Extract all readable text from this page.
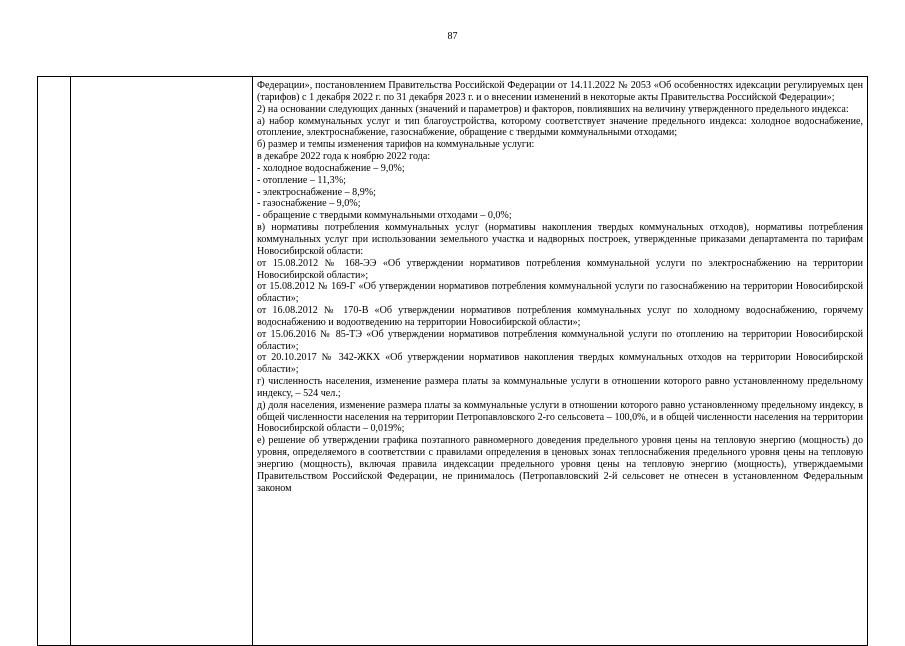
87

Федерации», постановлением Правительства Российской Федерации от 14.11.2022 № 2053 «Об особенностях идексации регулируемых цен (тарифов) с 1 декабря 2022 г. по 31 декабря 2023 г. и о внесении изменений в некоторые акты Правительства Российской Федерации»;

2) на основании следующих данных (значений и параметров) и факторов, повлиявших на величину утвержденного предельного индекса:

а) набор коммунальных услуг и тип благоустройства, которому соответствует значение предельного индекса: холодное водоснабжение, отопление, электроснабжение, газоснабжение, обращение с твердыми коммунальными отходами;

б) размер и темпы изменения тарифов на коммунальные услуги:

в декабре 2022 года к ноябрю 2022 года:

- холодное водоснабжение – 9,0%;

- отопление – 11,3%;

- электроснабжение – 8,9%;

- газоснабжение – 9,0%;

- обращение с твердыми коммунальными отходами – 0,0%;

в) нормативы потребления коммунальных услуг (нормативы накопления твердых коммунальных отходов), нормативы потребления коммунальных услуг при использовании земельного участка и надворных построек, утвержденные приказами департамента по тарифам Новосибирской области:

от 15.08.2012 № 168-ЭЭ «Об утверждении нормативов потребления коммунальной услуги по электроснабжению на территории Новосибирской области»;

от 15.08.2012 № 169-Г «Об утверждении нормативов потребления коммунальной услуги по газоснабжению на территории Новосибирской области»;

от 16.08.2012 № 170-В «Об утверждении нормативов потребления коммунальных услуг по холодному водоснабжению, горячему водоснабжению и водоотведению на территории Новосибирской области»;

от 15.06.2016 № 85-ТЭ «Об утверждении нормативов потребления коммунальной услуги по отоплению на территории Новосибирской области»;

от 20.10.2017 № 342-ЖКХ «Об утверждении нормативов накопления твердых коммунальных отходов на территории Новосибирской области»;

г) численность населения, изменение размера платы за коммунальные услуги в отношении которого равно установленному предельному индексу, – 524 чел.;

д) доля населения, изменение размера платы за коммунальные услуги в отношении которого равно установленному предельному индексу, в общей численности населения на территории Петропавловского 2-го сельсовета – 100,0%, и в общей численности населения на территории Новосибирской области – 0,019%;

е) решение об утверждении графика поэтапного равномерного доведения предельного уровня цены на тепловую энергию (мощность) до уровня, определяемого в соответствии с правилами определения в ценовых зонах теплоснабжения предельного уровня цены на тепловую энергию (мощность), включая правила индексации предельного уровня цены на тепловую энергию (мощность), утверждаемыми Правительством Российской Федерации, не принималось (Петропавловский 2-й сельсовет не отнесен в установленном Федеральным законом
